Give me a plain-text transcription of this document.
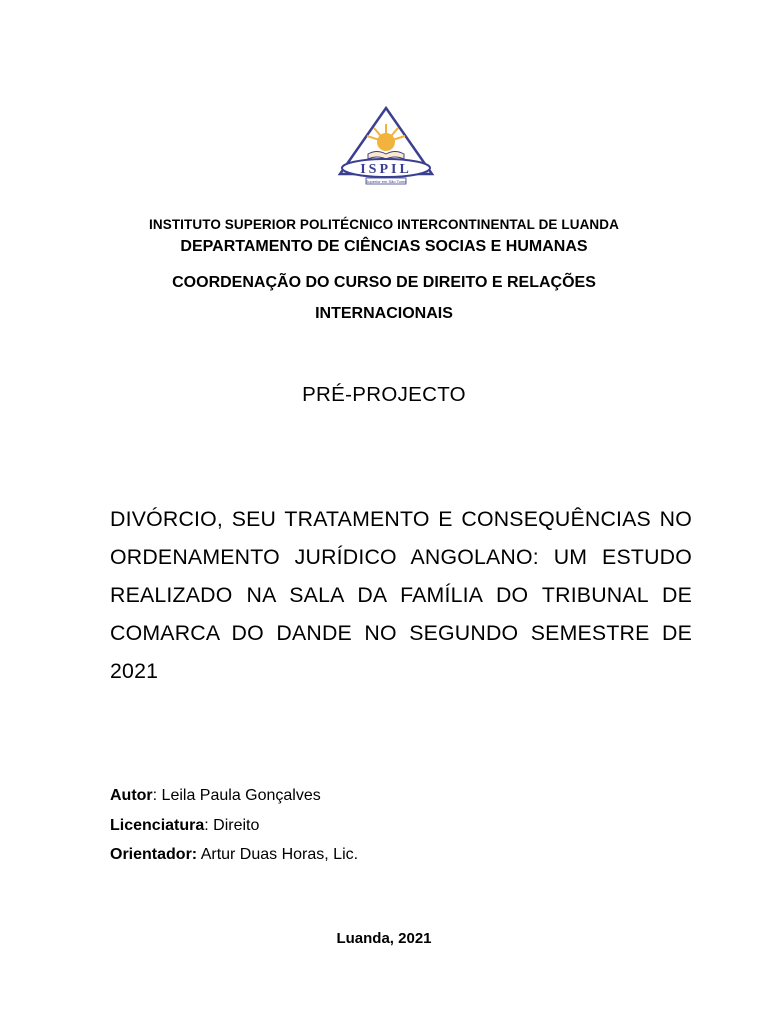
ISPIL
Superior em São Tomé
INSTITUTO SUPERIOR POLITÉCNICO INTERCONTINENTAL DE LUANDA
DEPARTAMENTO DE CIÊNCIAS SOCIAS E HUMANAS
COORDENAÇÃO DO CURSO DE DIREITO E RELAÇÕES INTERNACIONAIS
PRÉ-PROJECTO
DIVÓRCIO, SEU TRATAMENTO E CONSEQUÊNCIAS NO ORDENAMENTO JURÍDICO ANGOLANO: UM ESTUDO REALIZADO NA SALA DA FAMÍLIA DO TRIBUNAL DE COMARCA DO DANDE NO SEGUNDO SEMESTRE DE 2021
Autor: Leila Paula Gonçalves
Licenciatura: Direito
Orientador: Artur Duas Horas, Lic.
Luanda, 2021
